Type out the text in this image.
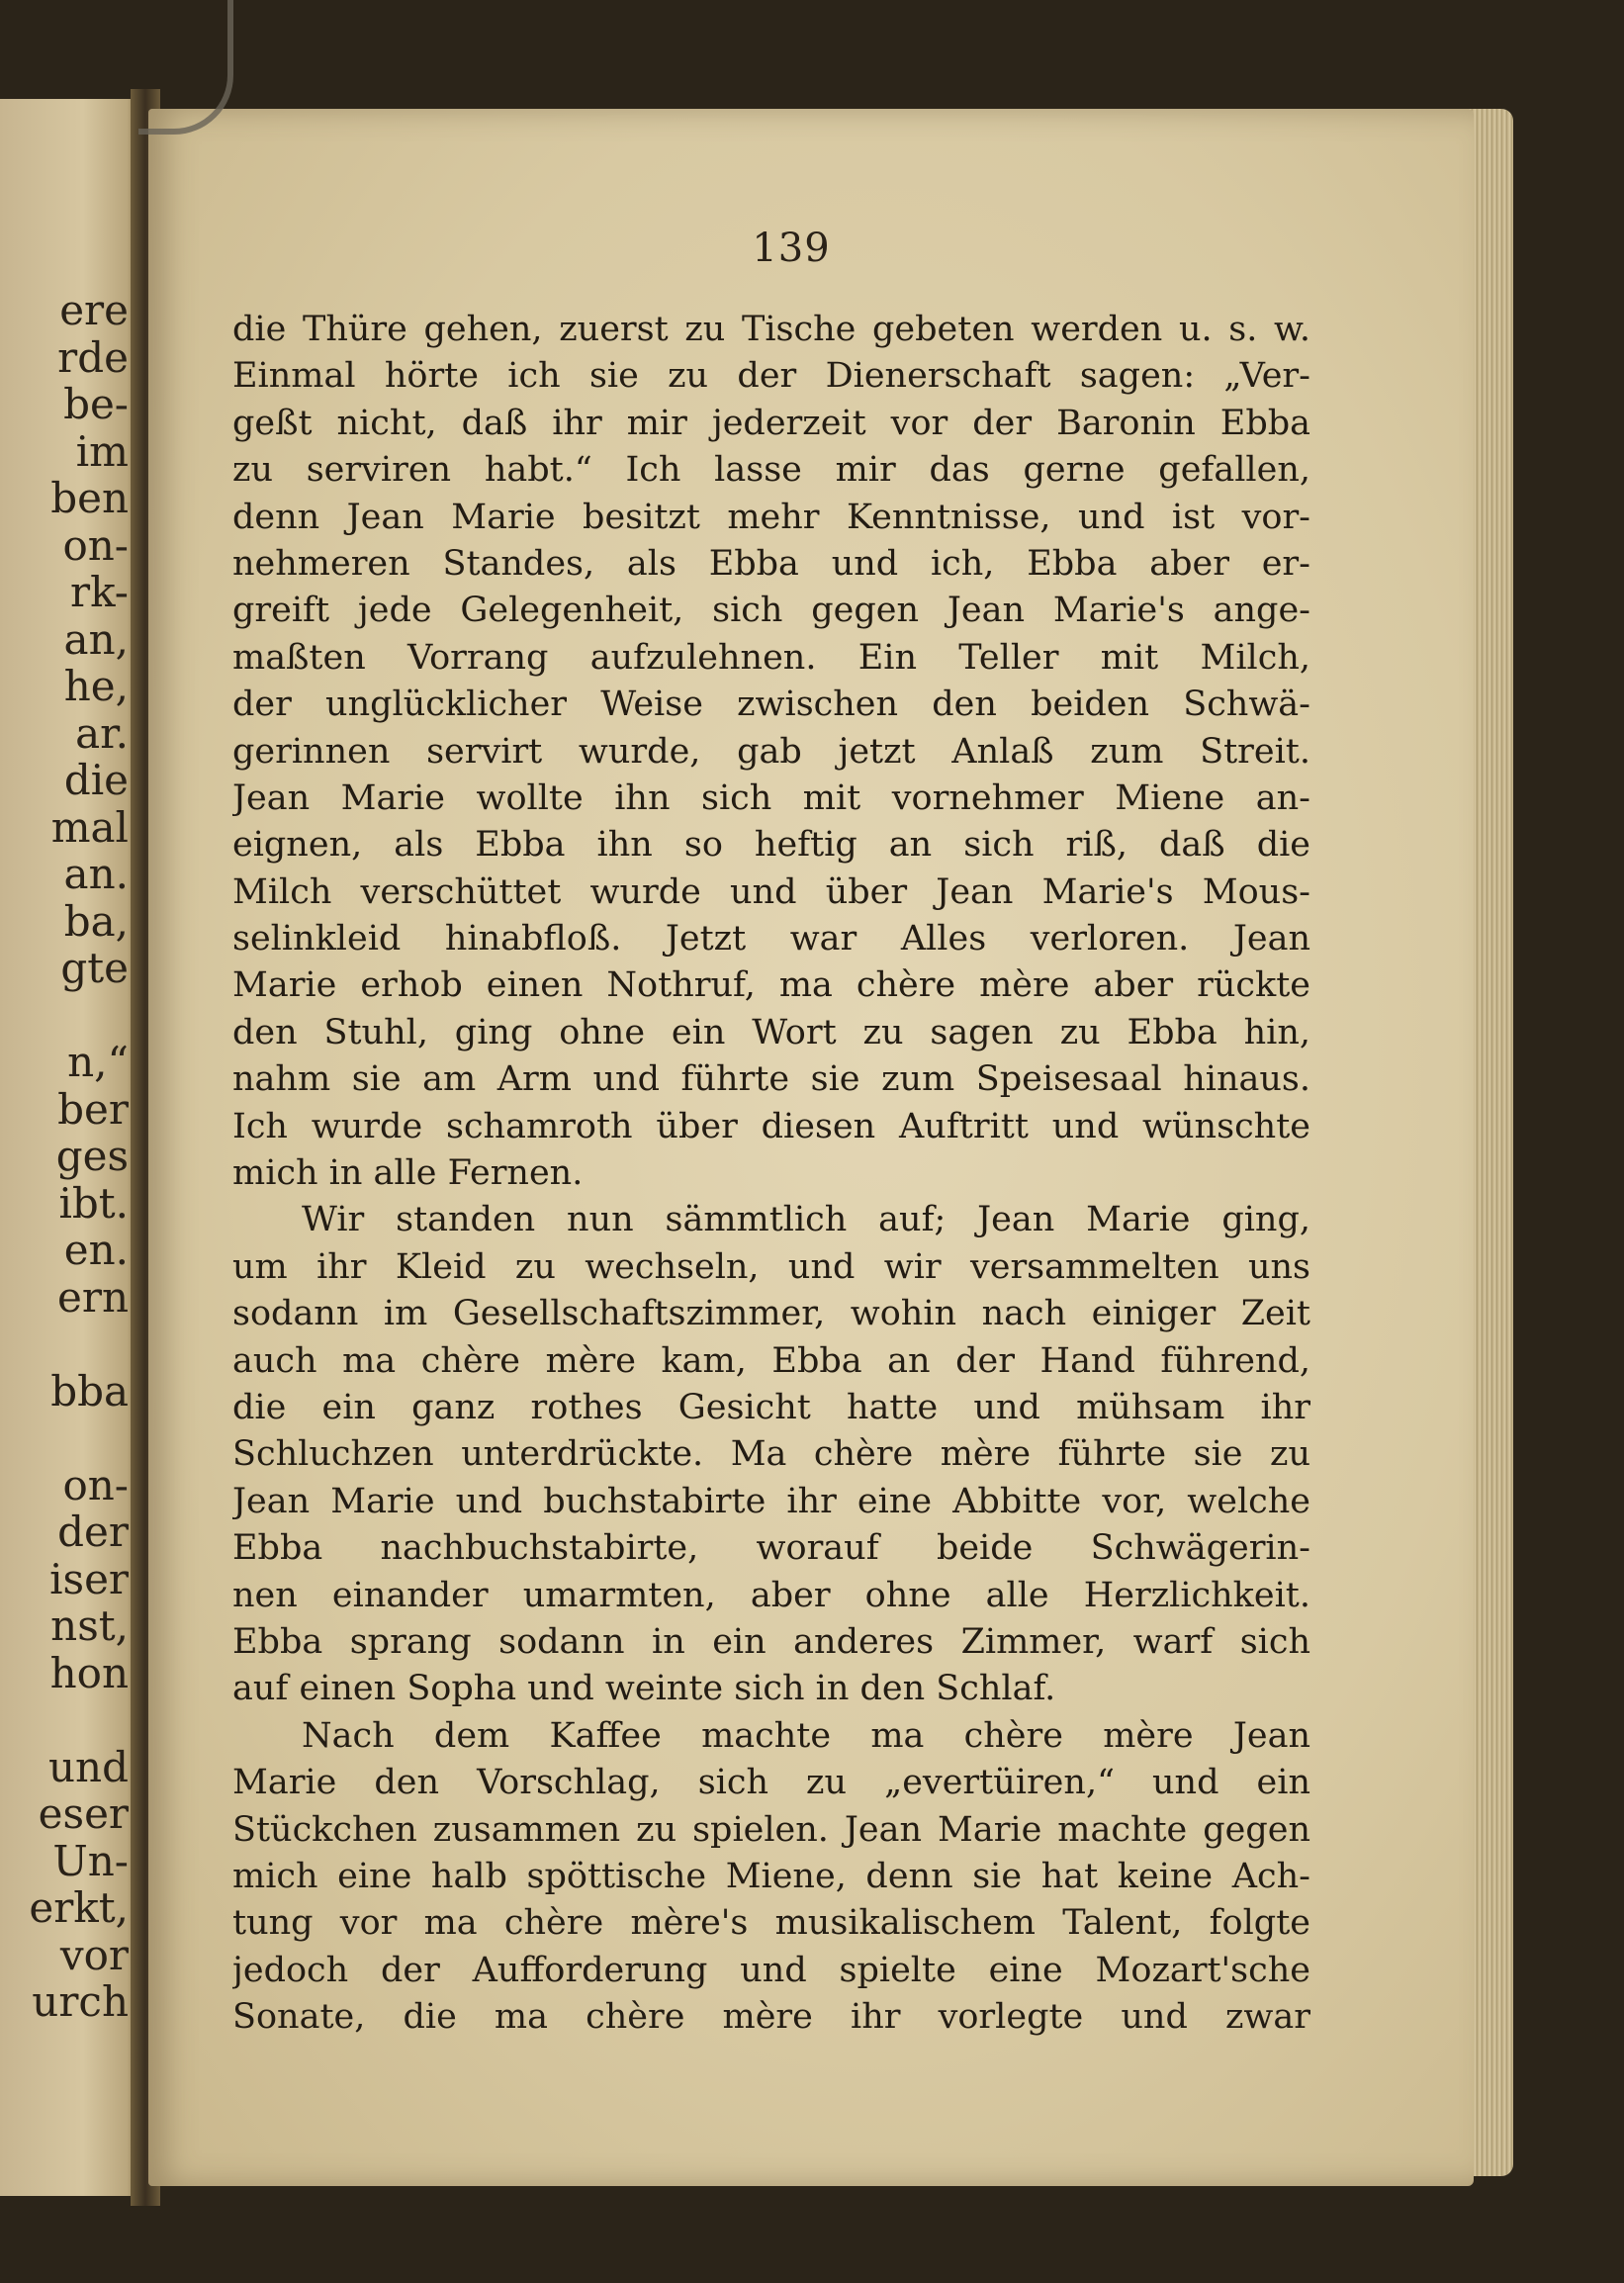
ere
rde
be-
im
ben
on-
rk-
an,
he,
ar.
die
mal
an.
ba,
gte
n,“
ber
ges
ibt.
en.
ern
bba
on-
der
iser
nst,
hon
und
eser
Un-
erkt,
vor
urch
139
die Thüre gehen, zuerst zu Tische gebeten werden u. s. w.
Einmal hörte ich sie zu der Dienerschaft sagen: „Ver-
geßt nicht, daß ihr mir jederzeit vor der Baronin Ebba
zu serviren habt.“ Ich lasse mir das gerne gefallen,
denn Jean Marie besitzt mehr Kenntnisse, und ist vor-
nehmeren Standes, als Ebba und ich, Ebba aber er-
greift jede Gelegenheit, sich gegen Jean Marie's ange-
maßten Vorrang aufzulehnen. Ein Teller mit Milch,
der unglücklicher Weise zwischen den beiden Schwä-
gerinnen servirt wurde, gab jetzt Anlaß zum Streit.
Jean Marie wollte ihn sich mit vornehmer Miene an-
eignen, als Ebba ihn so heftig an sich riß, daß die
Milch verschüttet wurde und über Jean Marie's Mous-
selinkleid hinabfloß. Jetzt war Alles verloren. Jean
Marie erhob einen Nothruf, ma chère mère aber rückte
den Stuhl, ging ohne ein Wort zu sagen zu Ebba hin,
nahm sie am Arm und führte sie zum Speisesaal hinaus.
Ich wurde schamroth über diesen Auftritt und wünschte
mich in alle Fernen.
Wir standen nun sämmtlich auf; Jean Marie ging,
um ihr Kleid zu wechseln, und wir versammelten uns
sodann im Gesellschaftszimmer, wohin nach einiger Zeit
auch ma chère mère kam, Ebba an der Hand führend,
die ein ganz rothes Gesicht hatte und mühsam ihr
Schluchzen unterdrückte. Ma chère mère führte sie zu
Jean Marie und buchstabirte ihr eine Abbitte vor, welche
Ebba nachbuchstabirte, worauf beide Schwägerin-
nen einander umarmten, aber ohne alle Herzlichkeit.
Ebba sprang sodann in ein anderes Zimmer, warf sich
auf einen Sopha und weinte sich in den Schlaf.
Nach dem Kaffee machte ma chère mère Jean
Marie den Vorschlag, sich zu „evertüiren,“ und ein
Stückchen zusammen zu spielen. Jean Marie machte gegen
mich eine halb spöttische Miene, denn sie hat keine Ach-
tung vor ma chère mère's musikalischem Talent, folgte
jedoch der Aufforderung und spielte eine Mozart'sche
Sonate, die ma chère mère ihr vorlegte und zwar
